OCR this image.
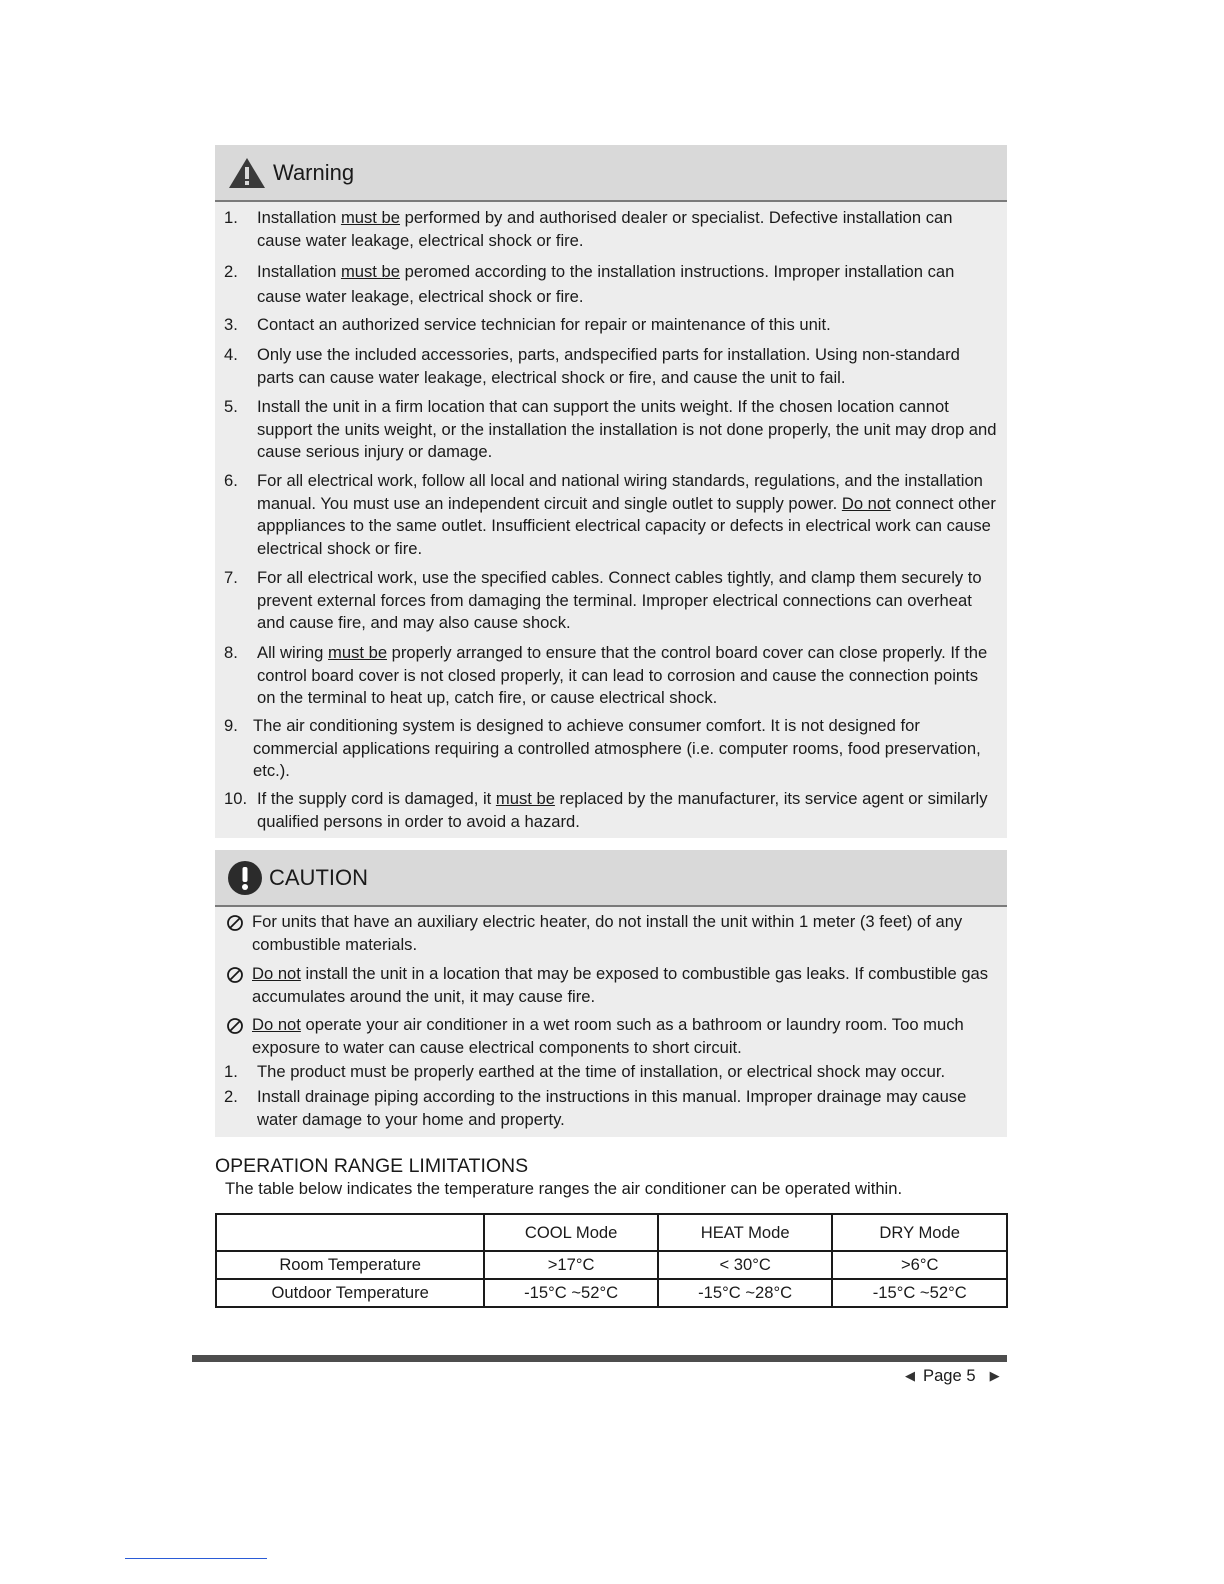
Warning
1. Installation must be performed by and authorised dealer or specialist. Defective installation can cause water leakage, electrical shock or fire.
2. Installation must be peromed according to the installation instructions. Improper installation can cause water leakage, electrical shock or fire.
3. Contact an authorized service technician for repair or maintenance of this unit.
4. Only use the included accessories, parts, andspecified parts for installation. Using non-standard parts can cause water leakage, electrical shock or fire, and cause the unit to fail.
5. Install the unit in a firm location that can support the units weight. If the chosen location cannot support the units weight, or the installation the installation is not done properly, the unit may drop and cause serious injury or damage.
6. For all electrical work, follow all local and national wiring standards, regulations, and the installation manual. You must use an independent circuit and single outlet to supply power. Do not connect other apppliances to the same outlet. Insufficient electrical capacity or defects in electrical work can cause electrical shock or fire.
7. For all electrical work, use the specified cables. Connect cables tightly, and clamp them securely to prevent external forces from damaging the terminal. Improper electrical connections can overheat and cause fire, and may also cause shock.
8. All wiring must be properly arranged to ensure that the control board cover can close properly. If the control board cover is not closed properly, it can lead to corrosion and cause the connection points on the terminal to heat up, catch fire, or cause electrical shock.
9. The air conditioning system is designed to achieve consumer comfort. It is not designed for commercial applications requiring a controlled atmosphere (i.e. computer rooms, food preservation, etc.).
10. If the supply cord is damaged, it must be replaced by the manufacturer, its service agent or similarly qualified persons in order to avoid a hazard.
CAUTION
For units that have an auxiliary electric heater, do not install the unit within 1 meter (3 feet) of any combustible materials.
Do not install the unit in a location that may be exposed to combustible gas leaks. If combustible gas accumulates around the unit, it may cause fire.
Do not operate your air conditioner in a wet room such as a bathroom or laundry room. Too much exposure to water can cause electrical components to short circuit.
1. The product must be properly earthed at the time of installation, or electrical shock may occur.
2. Install drainage piping according to the instructions in this manual. Improper drainage may cause water damage to your home and property.
OPERATION RANGE LIMITATIONS
The table below indicates the temperature ranges the air conditioner can be operated within.
	COOL Mode	HEAT Mode	DRY Mode
Room Temperature	>17°C	< 30°C	>6°C
Outdoor Temperature	-15°C ~52°C	-15°C ~28°C	-15°C ~52°C
◀ Page 5 ▶
